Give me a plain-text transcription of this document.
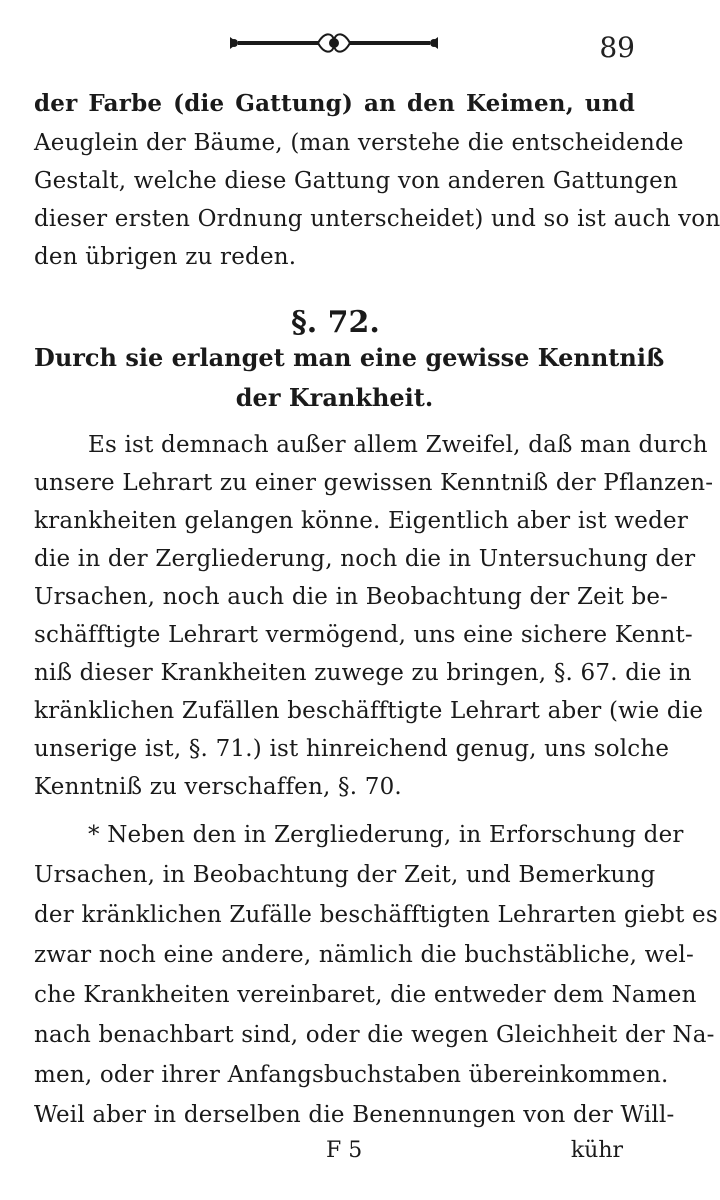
89
der Farbe (die Gattung) an den Keimen, und
Aeuglein der Bäume, (man verstehe die entscheidende
Gestalt, welche diese Gattung von anderen Gattungen
dieser ersten Ordnung unterscheidet) und so ist auch von
den übrigen zu reden.
§. 72.
Durch sie erlanget man eine gewisse Kenntniß
der Krankheit.
Es ist demnach außer allem Zweifel, daß man durch
unsere Lehrart zu einer gewissen Kenntniß der Pflanzen-
krankheiten gelangen könne. Eigentlich aber ist weder
die in der Zergliederung, noch die in Untersuchung der
Ursachen, noch auch die in Beobachtung der Zeit be-
schäfftigte Lehrart vermögend, uns eine sichere Kennt-
niß dieser Krankheiten zuwege zu bringen, §. 67. die in
kränklichen Zufällen beschäfftigte Lehrart aber (wie die
unserige ist, §. 71.) ist hinreichend genug, uns solche
Kenntniß zu verschaffen, §. 70.
* Neben den in Zergliederung, in Erforschung der
Ursachen, in Beobachtung der Zeit, und Bemerkung
der kränklichen Zufälle beschäfftigten Lehrarten giebt es
zwar noch eine andere, nämlich die buchstäbliche, wel-
che Krankheiten vereinbaret, die entweder dem Namen
nach benachbart sind, oder die wegen Gleichheit der Na-
men, oder ihrer Anfangsbuchstaben übereinkommen.
Weil aber in derselben die Benennungen von der Will-
F 5	kühr
